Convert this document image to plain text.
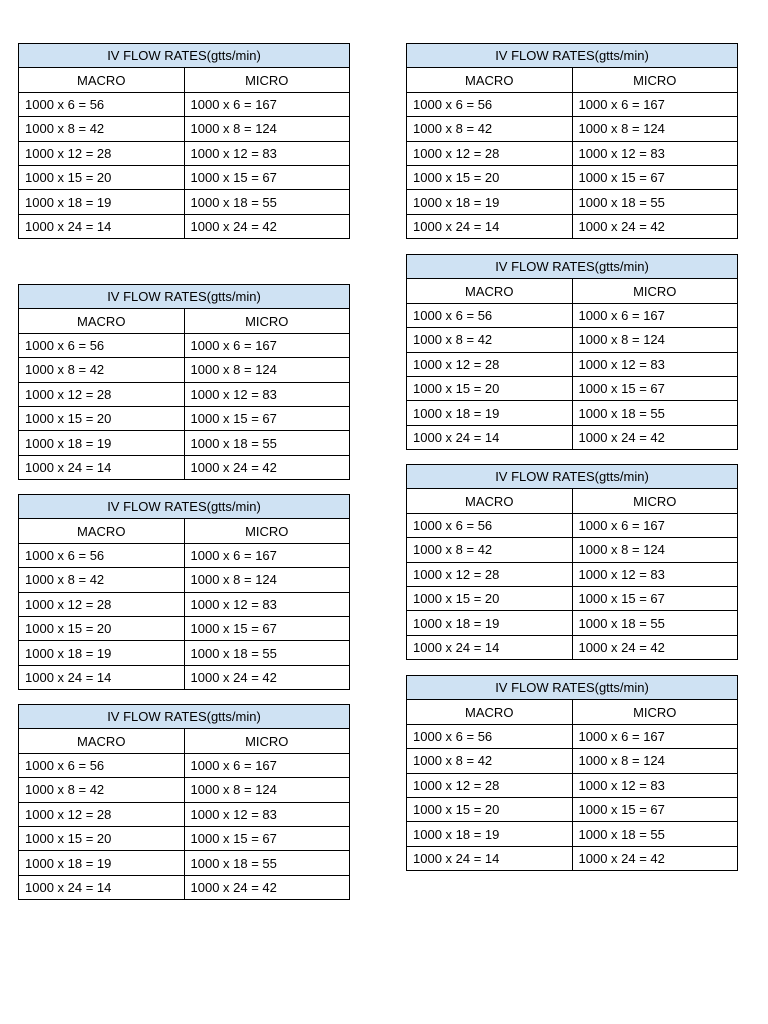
IV FLOW RATES(gtts/min)	
MACRO	MICRO
1000 x 6 = 56	1000 x 6 = 167
1000 x 8 = 42	1000 x 8 = 124
1000 x 12 = 28	1000 x 12 = 83
1000 x 15 = 20	1000 x 15 = 67
1000 x 18 = 19	1000 x 18 = 55
1000 x 24 = 14	1000 x 24 = 42
IV FLOW RATES(gtts/min)	
MACRO	MICRO
1000 x 6 = 56	1000 x 6 = 167
1000 x 8 = 42	1000 x 8 = 124
1000 x 12 = 28	1000 x 12 = 83
1000 x 15 = 20	1000 x 15 = 67
1000 x 18 = 19	1000 x 18 = 55
1000 x 24 = 14	1000 x 24 = 42
IV FLOW RATES(gtts/min)	
MACRO	MICRO
1000 x 6 = 56	1000 x 6 = 167
1000 x 8 = 42	1000 x 8 = 124
1000 x 12 = 28	1000 x 12 = 83
1000 x 15 = 20	1000 x 15 = 67
1000 x 18 = 19	1000 x 18 = 55
1000 x 24 = 14	1000 x 24 = 42
IV FLOW RATES(gtts/min)	
MACRO	MICRO
1000 x 6 = 56	1000 x 6 = 167
1000 x 8 = 42	1000 x 8 = 124
1000 x 12 = 28	1000 x 12 = 83
1000 x 15 = 20	1000 x 15 = 67
1000 x 18 = 19	1000 x 18 = 55
1000 x 24 = 14	1000 x 24 = 42
IV FLOW RATES(gtts/min)	
MACRO	MICRO
1000 x 6 = 56	1000 x 6 = 167
1000 x 8 = 42	1000 x 8 = 124
1000 x 12 = 28	1000 x 12 = 83
1000 x 15 = 20	1000 x 15 = 67
1000 x 18 = 19	1000 x 18 = 55
1000 x 24 = 14	1000 x 24 = 42
IV FLOW RATES(gtts/min)	
MACRO	MICRO
1000 x 6 = 56	1000 x 6 = 167
1000 x 8 = 42	1000 x 8 = 124
1000 x 12 = 28	1000 x 12 = 83
1000 x 15 = 20	1000 x 15 = 67
1000 x 18 = 19	1000 x 18 = 55
1000 x 24 = 14	1000 x 24 = 42
IV FLOW RATES(gtts/min)	
MACRO	MICRO
1000 x 6 = 56	1000 x 6 = 167
1000 x 8 = 42	1000 x 8 = 124
1000 x 12 = 28	1000 x 12 = 83
1000 x 15 = 20	1000 x 15 = 67
1000 x 18 = 19	1000 x 18 = 55
1000 x 24 = 14	1000 x 24 = 42
IV FLOW RATES(gtts/min)	
MACRO	MICRO
1000 x 6 = 56	1000 x 6 = 167
1000 x 8 = 42	1000 x 8 = 124
1000 x 12 = 28	1000 x 12 = 83
1000 x 15 = 20	1000 x 15 = 67
1000 x 18 = 19	1000 x 18 = 55
1000 x 24 = 14	1000 x 24 = 42
